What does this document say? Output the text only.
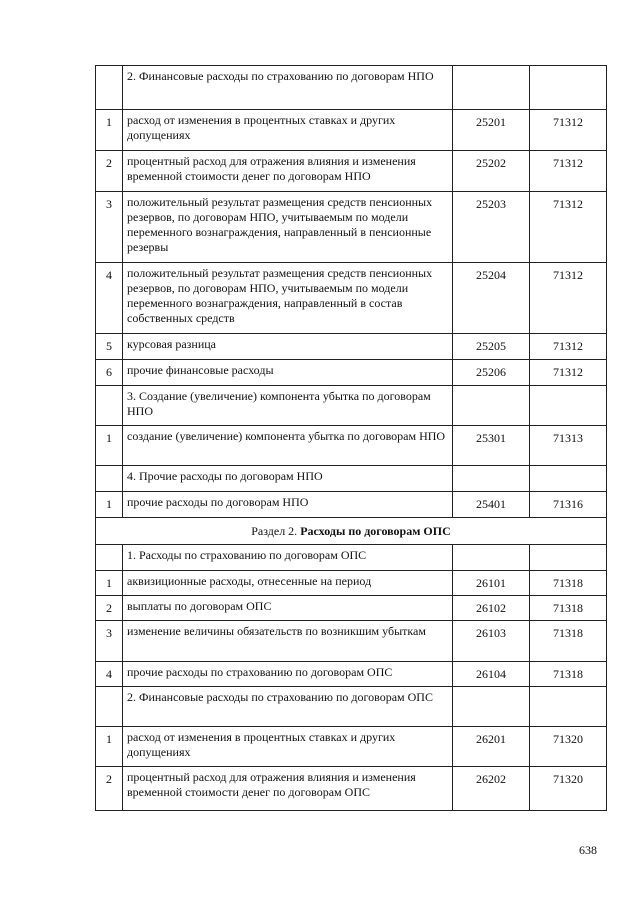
	2. Финансовые расходы по страхованию по договорам НПО		
1	расход от изменения в процентных ставках и других допущениях	25201	71312
2	процентный расход для отражения влияния и изменения временной стоимости денег по договорам НПО	25202	71312
3	положительный результат размещения средств пенсионных резервов, по договорам НПО, учитываемым по модели переменного вознаграждения, направленный в пенсионные резервы	25203	71312
4	положительный результат размещения средств пенсионных резервов, по договорам НПО, учитываемым по модели переменного вознаграждения, направленный в состав собственных средств	25204	71312
5	курсовая разница	25205	71312
6	прочие финансовые расходы	25206	71312
	3. Создание (увеличение) компонента убытка по договорам НПО		
1	создание (увеличение) компонента убытка по договорам НПО	25301	71313
	4. Прочие расходы по договорам НПО		
1	прочие расходы по договорам НПО	25401	71316
Раздел 2. Расходы по договорам ОПС			
	1. Расходы по страхованию по договорам ОПС		
1	аквизиционные расходы, отнесенные на период	26101	71318
2	выплаты по договорам ОПС	26102	71318
3	изменение величины обязательств по возникшим убыткам	26103	71318
4	прочие расходы по страхованию по договорам ОПС	26104	71318
	2. Финансовые расходы по страхованию по договорам ОПС		
1	расход от изменения в процентных ставках и других допущениях	26201	71320
2	процентный расход для отражения влияния и изменения временной стоимости денег по договорам ОПС	26202	71320
638
